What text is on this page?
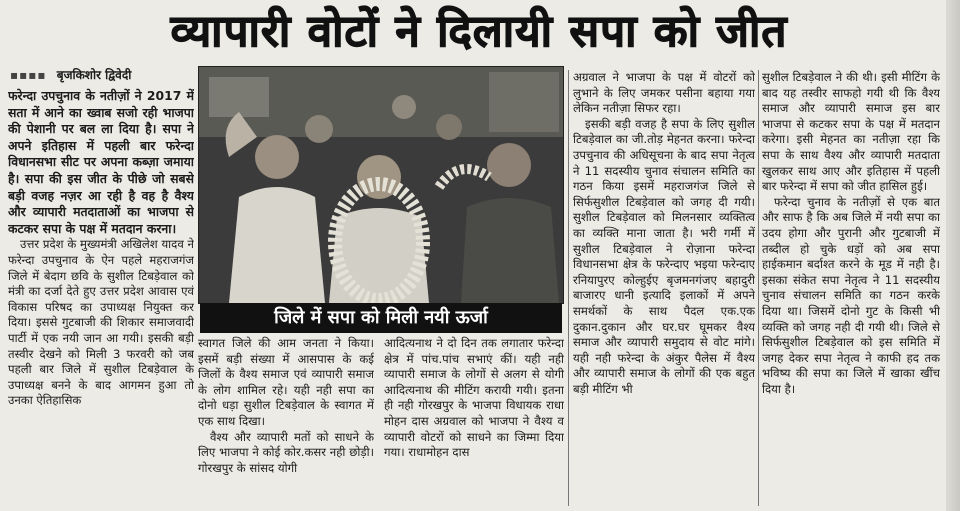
व्यापारी वोटों ने दिलायी सपा को जीत
▪▪▪▪ बृजकिशोर द्विवेदी

फरेन्दा उपचुनाव के नतीज़ों ने 2017 में सता में आने का ख्वाब सजो रही भाजपा की पेशानी पर बल ला दिया है। सपा ने अपने इतिहास में पहली बार फरेन्दा विधानसभा सीट पर अपना कब्ज़ा जमाया है। सपा की इस जीत के पीछे जो सबसे बड़ी वजह नज़र आ रही है वह है वैश्य और व्यापारी मतदाताओं का भाजपा से कटकर सपा के पक्ष में मतदान करना।

उत्तर प्रदेश के मुख्यमंत्री अखिलेश यादव ने फरेन्दा उपचुनाव के ऐन पहले महराजगंज जिले में बेदाग छवि के सुशील टिबड़ेवाल को मंत्री का दर्जा देते हुए उत्तर प्रदेश आवास एवं विकास परिषद का उपाध्यक्ष नियुक्त कर दिया। इससे गुटबाजी की शिकार समाजवादी पार्टी में एक नयी जान आ गयी। इसकी बड़ी तस्वीर देखने को मिली 3 फरवरी को जब पहली बार जिले में सुशील टिबड़ेवाल के उपाध्यक्ष बनने के बाद आगमन हुआ तो उनका ऐतिहासिक

जिले में सपा को मिली नयी ऊर्जा

स्वागत जिले की आम जनता ने किया। इसमें बड़ी संख्या में आसपास के कई जिलों के वैश्य समाज एवं व्यापारी समाज के लोग शामिल रहे। यही नही सपा का दोनो धड़ा सुशील टिबड़ेवाल के स्वागत में एक साथ दिखा।

वैश्य और व्यापारी मतों को साधने के लिए भाजपा ने कोई कोर.कसर नही छोड़ी। गोरखपुर के सांसद योगी

आदित्यनाथ ने दो दिन तक लगातार फरेन्दा क्षेत्र में पांच.पांच सभाएं कीं। यही नही व्यापारी समाज के लोगों से अलग से योगी आदित्यनाथ की मीटिंग करायी गयी। इतना ही नही गोरखपुर के भाजपा विधायक राधा मोहन दास अग्रवाल को भाजपा ने वैश्य व व्यापारी वोटरों को साधने का जिम्मा दिया गया। राधामोहन दास

अग्रवाल ने भाजपा के पक्ष में वोटरों को लुभाने के लिए जमकर पसीना बहाया गया लेकिन नतीज़ा सिफर रहा।

इसकी बड़ी वजह है सपा के लिए सुशील टिबड़ेवाल का जी.तोड़ मेहनत करना। फरेन्दा उपचुनाव की अधिसूचना के बाद सपा नेतृत्व ने 11 सदस्यीय चुनाव संचालन समिति का गठन किया इसमें महराजगंज जिले से सिर्फसुशील टिबड़ेवाल को जगह दी गयी। सुशील टिबड़ेवाल को मिलनसार व्यक्तित्व का व्यक्ति माना जाता है। भरी गर्मी में सुशील टिबड़ेवाल ने रोज़ाना फरेन्दा विधानसभा क्षेत्र के फरेन्दाए भइया फरेन्दाए रनियापुरए कोल्हुईए बृजमनगंजए बहादुरी बाजारए धानी इत्यादि इलाकों में अपने समर्थकों के साथ पैदल एक.एक दुकान.दुकान और घर.घर घूमकर वैश्य समाज और व्यापारी समुदाय से वोट मांगे। यही नही फरेन्दा के अंकुर पैलेस में वैश्य और व्यापारी समाज के लोगों की एक बहुत बड़ी मीटिंग भी

सुशील टिबड़ेवाल ने की थी। इसी मीटिंग के बाद यह तस्वीर साफहो गयी थी कि वैश्य समाज और व्यापारी समाज इस बार भाजपा से कटकर सपा के पक्ष में मतदान करेगा। इसी मेहनत का नतीज़ा रहा कि सपा के साथ वैश्य और व्यापारी मतदाता खुलकर साथ आए और इतिहास में पहली बार फरेन्दा में सपा को जीत हासिल हुई।

फरेन्दा चुनाव के नतीज़ों से एक बात और साफ है कि अब जिले में नयी सपा का उदय होगा और पुरानी और गुटबाजी में तब्दील हो चुके धड़ों को अब सपा हाईकमान बर्दाश्त करने के मूड में नही है। इसका संकेत सपा नेतृत्व ने 11 सदस्यीय चुनाव संचालन समिति का गठन करके दिया था। जिसमें दोनो गुट के किसी भी व्यक्ति को जगह नही दी गयी थी। जिले से सिर्फसुशील टिबड़ेवाल को इस समिति में जगह देकर सपा नेतृत्व ने काफी हद तक भविष्य की सपा का जिले में खाका खींच दिया है।
